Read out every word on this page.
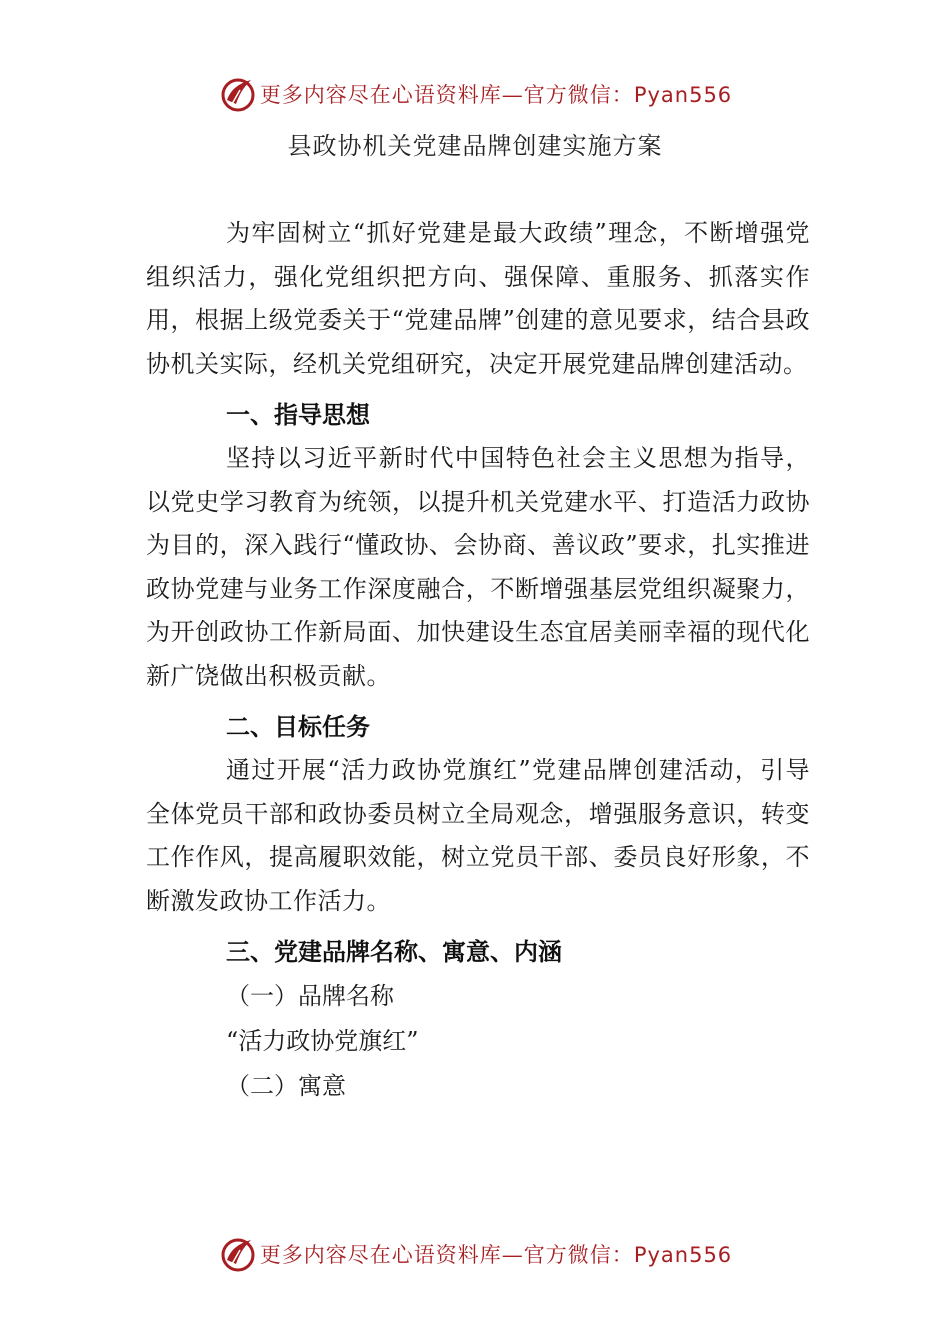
更多内容尽在心语资料库—官方微信：Pyan556
县政协机关党建品牌创建实施方案

为牢固树立“抓好党建是最大政绩”理念，不断增强党组织活力，强化党组织把方向、强保障、重服务、抓落实作用，根据上级党委关于“党建品牌”创建的意见要求，结合县政协机关实际，经机关党组研究，决定开展党建品牌创建活动。

一、指导思想

坚持以习近平新时代中国特色社会主义思想为指导，以党史学习教育为统领，以提升机关党建水平、打造活力政协为目的，深入践行“懂政协、会协商、善议政”要求，扎实推进政协党建与业务工作深度融合，不断增强基层党组织凝聚力，为开创政协工作新局面、加快建设生态宜居美丽幸福的现代化新广饶做出积极贡献。

二、目标任务

通过开展“活力政协党旗红”党建品牌创建活动，引导全体党员干部和政协委员树立全局观念，增强服务意识，转变工作作风，提高履职效能，树立党员干部、委员良好形象，不断激发政协工作活力。

三、党建品牌名称、寓意、内涵

（一）品牌名称

“活力政协党旗红”

（二）寓意

更多内容尽在心语资料库—官方微信：Pyan556
